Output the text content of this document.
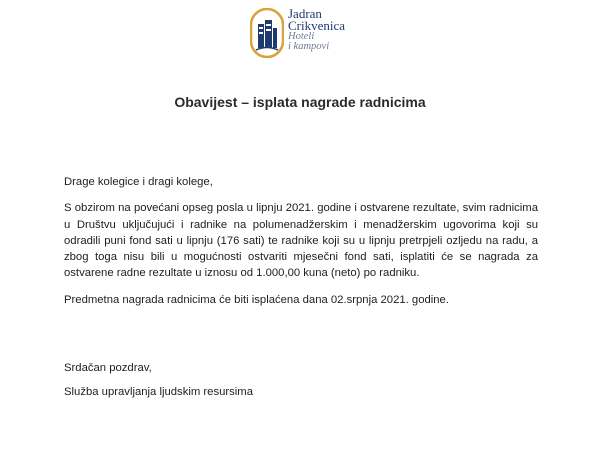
Jadran
Crikvenica
Hoteli
i kampovi
Obavijest – isplata nagrade radnicima

Drage kolegice i dragi kolege,

S obzirom na povećani opseg posla u lipnju 2021. godine i ostvarene rezultate, svim radnicima u Društvu uključujući i radnike na polumenadžerskim i menadžerskim ugovorima koji su odradili puni fond sati u lipnju (176 sati) te radnike koji su u lipnju pretrpjeli ozljedu na radu, a zbog toga nisu bili u mogućnosti ostvariti mjesečni fond sati, isplatiti će se nagrada za ostvarene radne rezultate u iznosu od 1.000,00 kuna (neto) po radniku.

Predmetna nagrada radnicima će biti isplaćena dana 02.srpnja 2021. godine.

Srdačan pozdrav,
Služba upravljanja ljudskim resursima
